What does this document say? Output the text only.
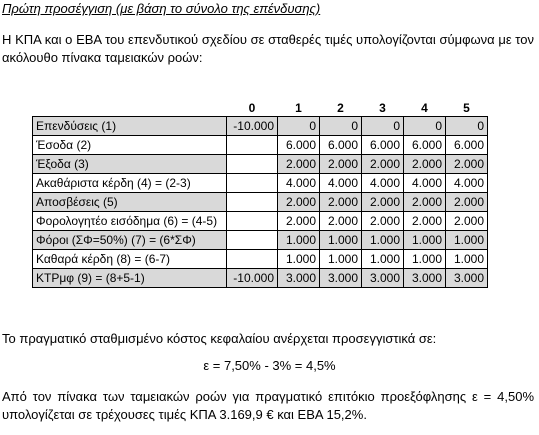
Πρώτη προσέγγιση (με βάση το σύνολο της επένδυσης)
Η ΚΠΑ και ο ΕΒΑ του επενδυτικού σχεδίου σε σταθερές τιμές υπολογίζονται σύμφωνα με τον ακόλουθο πίνακα ταμειακών ροών:
	0	1	2	3	4	5
Επενδύσεις (1)	-10.000	0	0	0	0	0
Έσοδα (2)		6.000	6.000	6.000	6.000	6.000
Έξοδα (3)		2.000	2.000	2.000	2.000	2.000
Ακαθάριστα κέρδη (4) = (2-3)		4.000	4.000	4.000	4.000	4.000
Αποσβέσεις (5)		2.000	2.000	2.000	2.000	2.000
Φορολογητέο εισόδημα (6) = (4-5)		2.000	2.000	2.000	2.000	2.000
Φόροι (ΣΦ=50%) (7) = (6*ΣΦ)		1.000	1.000	1.000	1.000	1.000
Καθαρά κέρδη (8) = (6-7)		1.000	1.000	1.000	1.000	1.000
ΚΤΡμφ (9) = (8+5-1)	-10.000	3.000	3.000	3.000	3.000	3.000
Το πραγματικό σταθμισμένο κόστος κεφαλαίου ανέρχεται προσεγγιστικά σε:
ε = 7,50% - 3% = 4,5%
Από τον πίνακα των ταμειακών ροών για πραγματικό επιτόκιο προεξόφλησης ε = 4,50% υπολογίζεται σε τρέχουσες τιμές ΚΠΑ 3.169,9 € και ΕΒΑ 15,2%.
